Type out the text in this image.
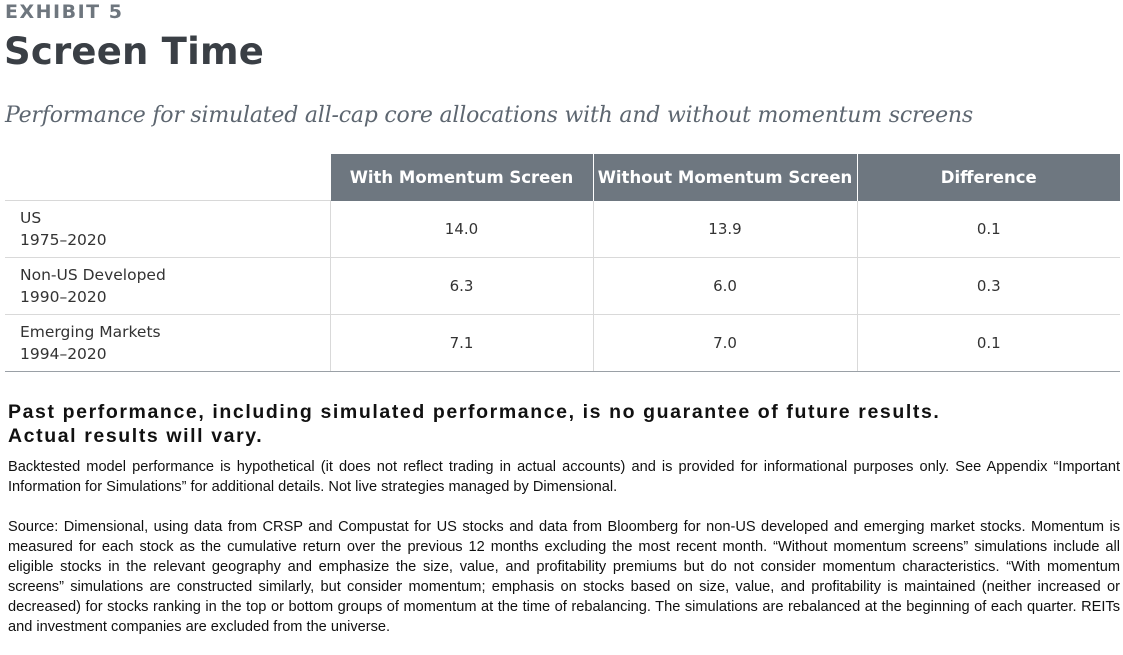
EXHIBIT 5
Screen Time
Performance for simulated all-cap core allocations with and without momentum screens
	With Momentum Screen	Without Momentum Screen	Difference

US
1975–2020	14.0	13.9	0.1

Non-US Developed
1990–2020	6.3	6.0	0.3

Emerging Markets
1994–2020	7.1	7.0	0.1
Past performance, including simulated performance, is no guarantee of future results.
Actual results will vary.

Backtested model performance is hypothetical (it does not reflect trading in actual accounts) and is provided for informational purposes only. See Appendix “Important Information for Simulations” for additional details. Not live strategies managed by Dimensional.

Source: Dimensional, using data from CRSP and Compustat for US stocks and data from Bloomberg for non-US developed and emerging market stocks. Momentum is measured for each stock as the cumulative return over the previous 12 months excluding the most recent month. “Without momentum screens” simulations include all eligible stocks in the relevant geography and emphasize the size, value, and profitability premiums but do not consider momentum characteristics. “With momentum screens” simulations are constructed similarly, but consider momentum; emphasis on stocks based on size, value, and profitability is maintained (neither increased or decreased) for stocks ranking in the top or bottom groups of momentum at the time of rebalancing. The simulations are rebalanced at the beginning of each quarter. REITs and investment companies are excluded from the universe.
